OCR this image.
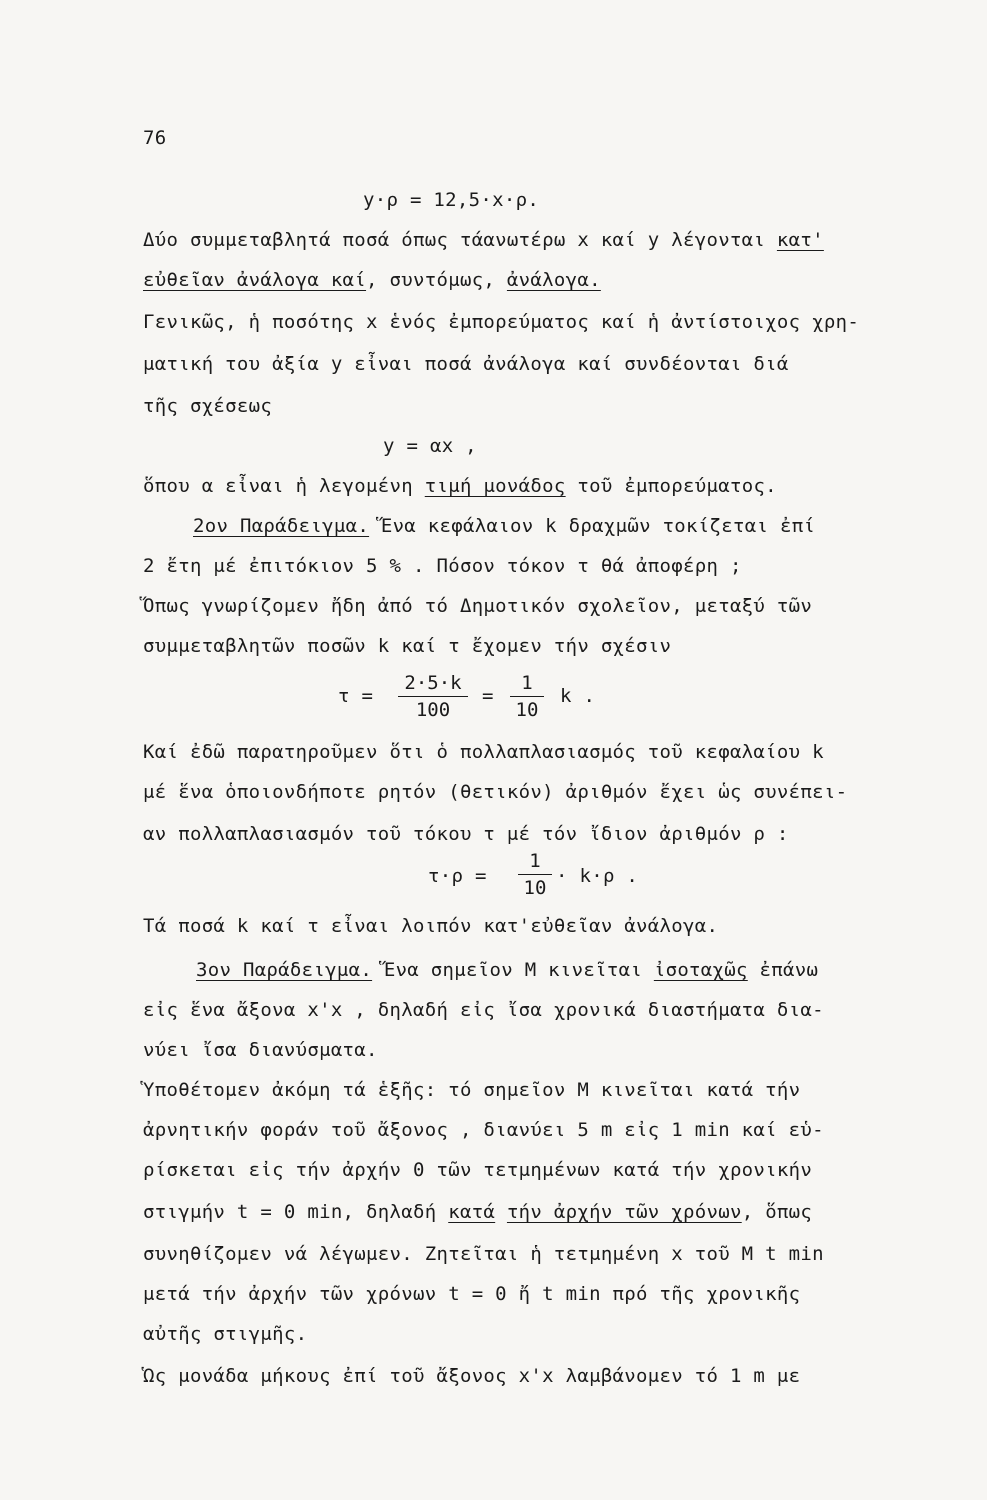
76
y·ρ = 12,5·x·ρ.
Δύο συμμεταβλητά ποσά όπως τάανωτέρω x καί y λέγονται κατ'
εὐθεῖαν ἀνάλογα καί, συντόμως, ἀνάλογα.
Γενικῶς, ἡ ποσότης x ἑνός ἐμπορεύματος καί ἡ ἀντίστοιχος χρη-
ματική του ἀξία y εἶναι ποσά ἀνάλογα καί συνδέονται διά
τῆς σχέσεως
y = αx ,
ὅπου α εἶναι ἡ λεγομένη τιμή μονάδος τοῦ ἐμπορεύματος.
2ον Παράδειγμα. Ἕνα κεφάλαιον k δραχμῶν τοκίζεται ἐπί
2 ἔτη μέ ἐπιτόκιον 5 % . Πόσον τόκον τ θά ἀποφέρη ;
Ὅπως γνωρίζομεν ἤδη ἀπό τό Δημοτικόν σχολεῖον, μεταξύ τῶν
συμμεταβλητῶν ποσῶν k καί τ ἔχομεν τήν σχέσιν
$\tau = \frac{2\cdot 5\cdot k}{100} = \frac{1}{10}$ k .
Καί ἐδῶ παρατηροῦμεν ὅτι ὁ πολλαπλασιασμός τοῦ κεφαλαίου k
μέ ἕνα ὁποιονδήποτε ρητόν (θετικόν) ἀριθμόν ἔχει ὡς συνέπει-
αν πολλαπλασιασμόν τοῦ τόκου τ μέ τόν ἴδιον ἀριθμόν ρ :
$\tau\cdot\rho = \frac{1}{10} \cdot k\cdot\rho$ .
Τά ποσά k καί τ εἶναι λοιπόν κατ'εὐθεῖαν ἀνάλογα.
3ον Παράδειγμα. Ἕνα σημεῖον Μ κινεῖται ἰσοταχῶς ἐπάνω
εἰς ἕνα ἄξονα x'x , δηλαδή εἰς ἴσα χρονικά διαστήματα δια-
νύει ἴσα διανύσματα.
Ὑποθέτομεν ἀκόμη τά ἑξῆς: τό σημεῖον Μ κινεῖται κατά τήν
ἀρνητικήν φοράν τοῦ ἄξονος , διανύει 5 m εἰς 1 min καί εὑ-
ρίσκεται εἰς τήν ἀρχήν 0 τῶν τετμημένων κατά τήν χρονικήν
στιγμήν t = 0 min, δηλαδή κατά τήν ἀρχήν τῶν χρόνων, ὅπως
συνηθίζομεν νά λέγωμεν. Ζητεῖται ἡ τετμημένη x τοῦ Μ t min
μετά τήν ἀρχήν τῶν χρόνων t = 0 ἤ t min πρό τῆς χρονικῆς
αὐτῆς στιγμῆς.
Ὡς μονάδα μήκους ἐπί τοῦ ἄξονος x'x λαμβάνομεν τό 1 m με
